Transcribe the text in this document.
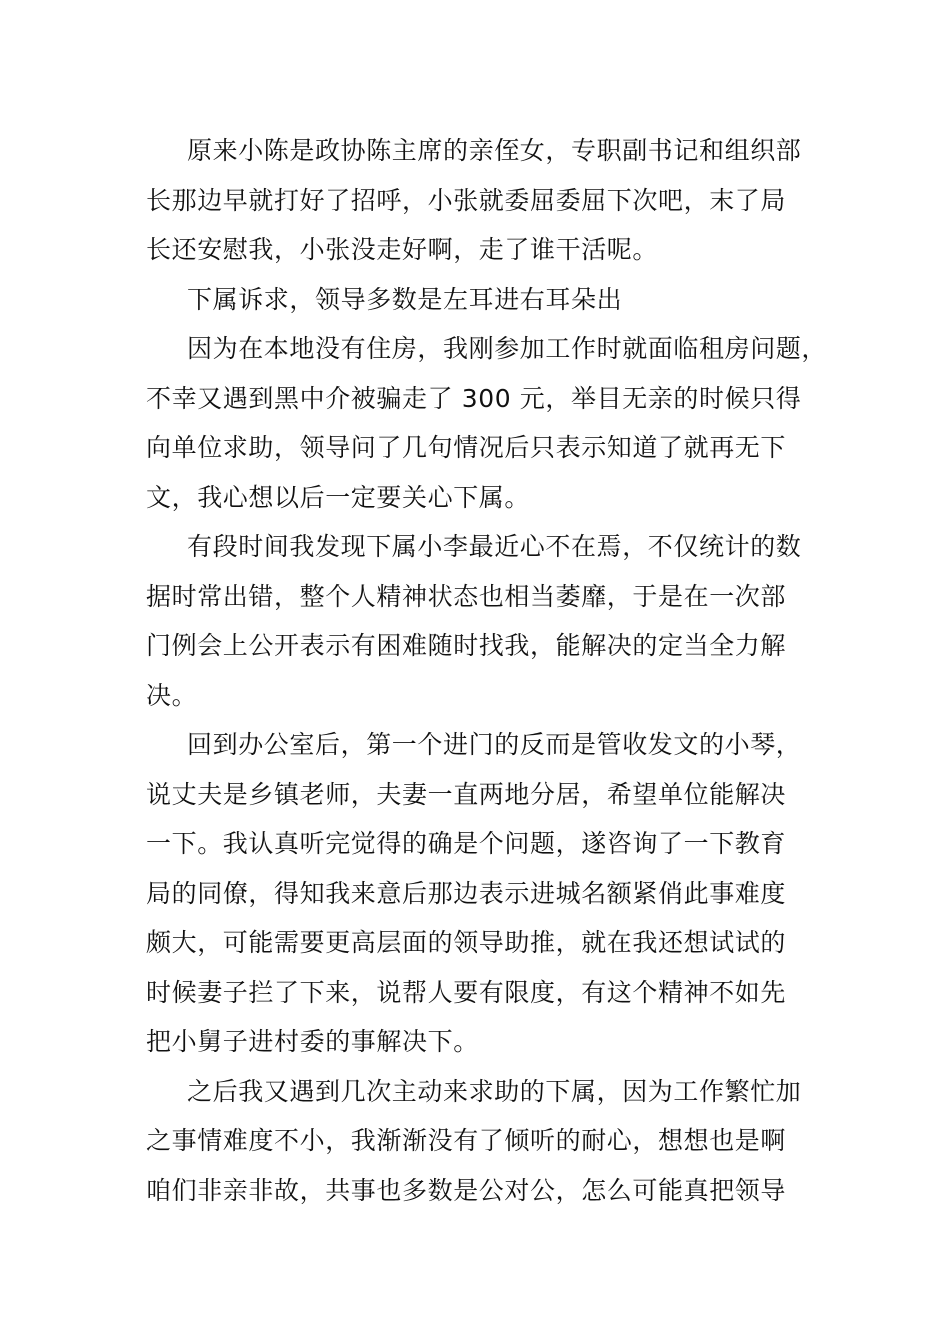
原来小陈是政协陈主席的亲侄女，专职副书记和组织部

长那边早就打好了招呼，小张就委屈委屈下次吧，末了局

长还安慰我，小张没走好啊，走了谁干活呢。

下属诉求，领导多数是左耳进右耳朵出

因为在本地没有住房，我刚参加工作时就面临租房问题，

不幸又遇到黑中介被骗走了 300 元，举目无亲的时候只得

向单位求助，领导问了几句情况后只表示知道了就再无下

文，我心想以后一定要关心下属。

有段时间我发现下属小李最近心不在焉，不仅统计的数

据时常出错，整个人精神状态也相当萎靡，于是在一次部

门例会上公开表示有困难随时找我，能解决的定当全力解

决。

回到办公室后，第一个进门的反而是管收发文的小琴，

说丈夫是乡镇老师，夫妻一直两地分居，希望单位能解决

一下。我认真听完觉得的确是个问题，遂咨询了一下教育

局的同僚，得知我来意后那边表示进城名额紧俏此事难度

颇大，可能需要更高层面的领导助推，就在我还想试试的

时候妻子拦了下来，说帮人要有限度，有这个精神不如先

把小舅子进村委的事解决下。

之后我又遇到几次主动来求助的下属，因为工作繁忙加

之事情难度不小，我渐渐没有了倾听的耐心，想想也是啊

咱们非亲非故，共事也多数是公对公，怎么可能真把领导
